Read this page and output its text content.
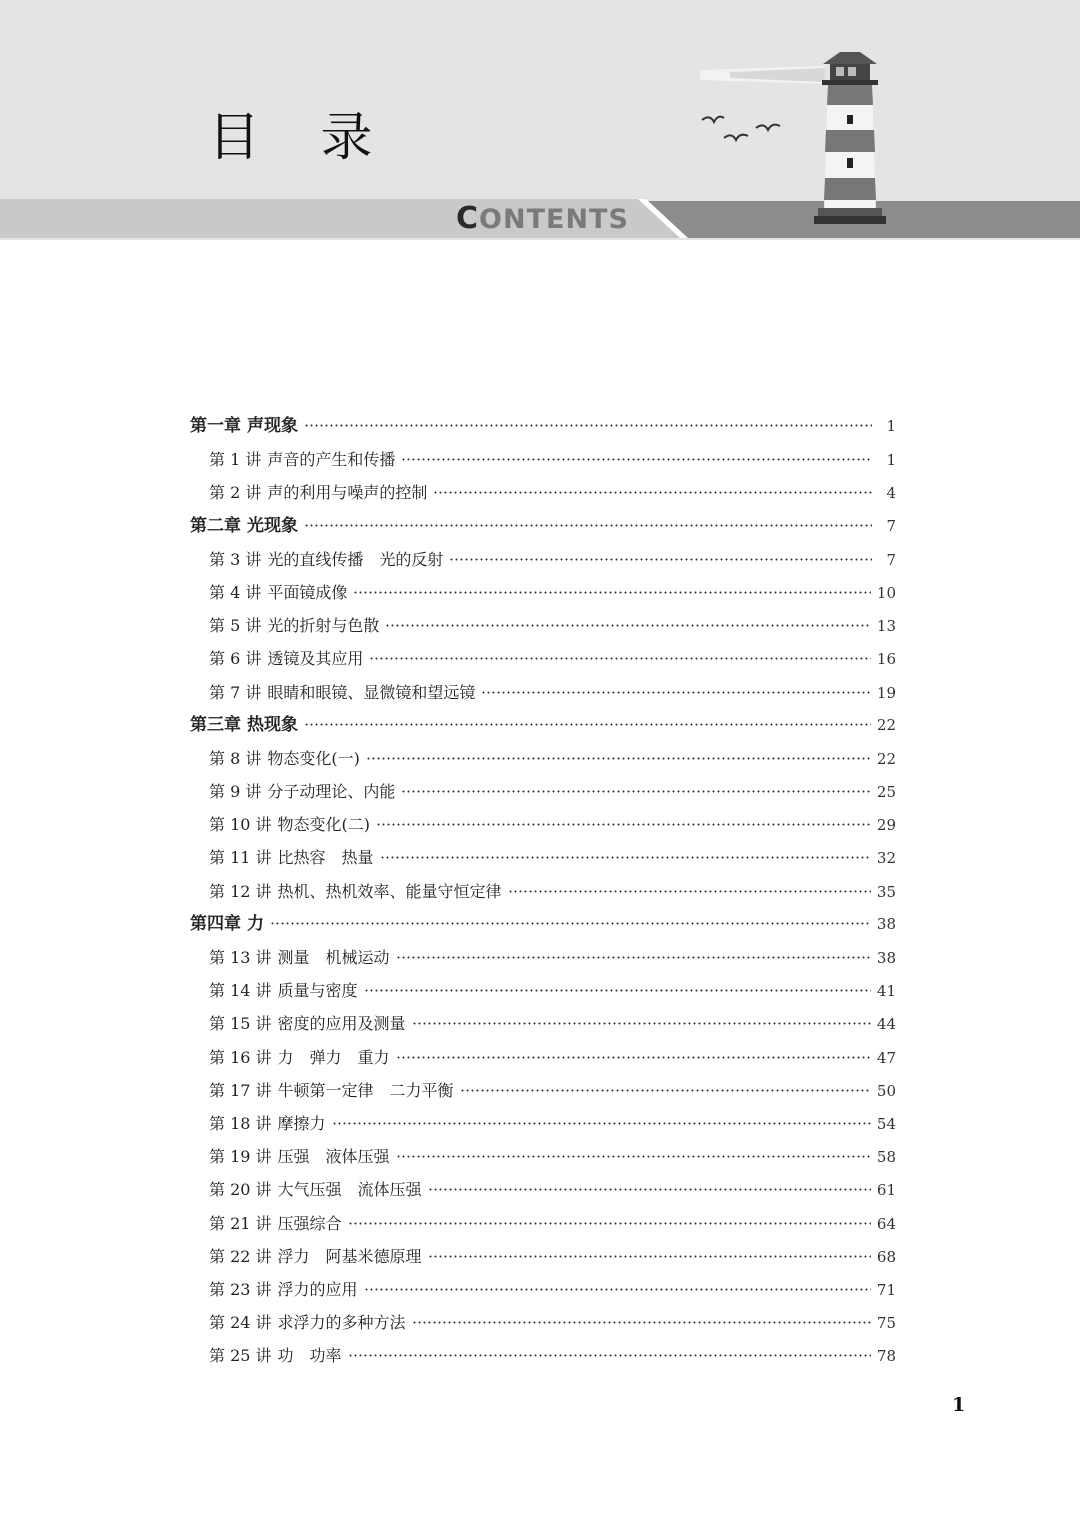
目 录
CONTENTS
第一章 声现象	1
第 1 讲 声音的产生和传播	1
第 2 讲 声的利用与噪声的控制	4
第二章 光现象	7
第 3 讲 光的直线传播　光的反射	7
第 4 讲 平面镜成像	10
第 5 讲 光的折射与色散	13
第 6 讲 透镜及其应用	16
第 7 讲 眼睛和眼镜、显微镜和望远镜	19
第三章 热现象	22
第 8 讲 物态变化(一)	22
第 9 讲 分子动理论、内能	25
第 10 讲 物态变化(二)	29
第 11 讲 比热容　热量	32
第 12 讲 热机、热机效率、能量守恒定律	35
第四章 力	38
第 13 讲 测量　机械运动	38
第 14 讲 质量与密度	41
第 15 讲 密度的应用及测量	44
第 16 讲 力　弹力　重力	47
第 17 讲 牛顿第一定律　二力平衡	50
第 18 讲 摩擦力	54
第 19 讲 压强　液体压强	58
第 20 讲 大气压强　流体压强	61
第 21 讲 压强综合	64
第 22 讲 浮力　阿基米德原理	68
第 23 讲 浮力的应用	71
第 24 讲 求浮力的多种方法	75
第 25 讲 功　功率	78
1
